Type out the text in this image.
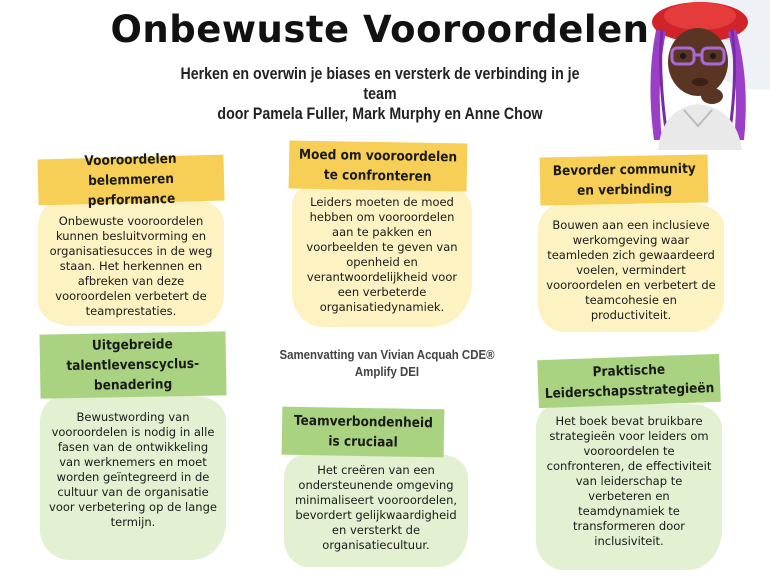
Onbewuste Vooroordelen
Herken en overwin je biases en versterk de verbinding in je team
door Pamela Fuller, Mark Murphy en Anne Chow
Onbewuste vooroordelen kunnen besluitvorming en organisatiesucces in de weg staan. Het herkennen en afbreken van deze vooroordelen verbetert de teamprestaties.
Vooroordelen belemmeren
performance	Leiders moeten de moed hebben om vooroordelen aan te pakken en voorbeelden te geven van openheid en verantwoordelijkheid voor een verbeterde organisatiedynamiek.
Moed om vooroordelen
te confronteren
Bouwen aan een inclusieve werkomgeving waar teamleden zich gewaardeerd voelen, vermindert vooroordelen en verbetert de teamcohesie en productiviteit.
Bevorder community
en verbinding
Bewustwording van vooroordelen is nodig in alle fasen van de ontwikkeling van werknemers en moet worden geïntegreerd in de cultuur van de organisatie voor verbetering op de lange termijn.
Uitgebreide
talentlevenscyclus-
benadering
Het creëren van een ondersteunende omgeving minimaliseert vooroordelen, bevordert gelijkwaardigheid en versterkt de organisatiecultuur.
Teamverbondenheid
is cruciaal
Het boek bevat bruikbare strategieën voor leiders om vooroordelen te confronteren, de effectiviteit van leiderschap te verbeteren en teamdynamiek te transformeren door inclusiviteit.
Praktische
Leiderschapsstrategieën
Samenvatting van Vivian Acquah CDE®
Amplify DEI
